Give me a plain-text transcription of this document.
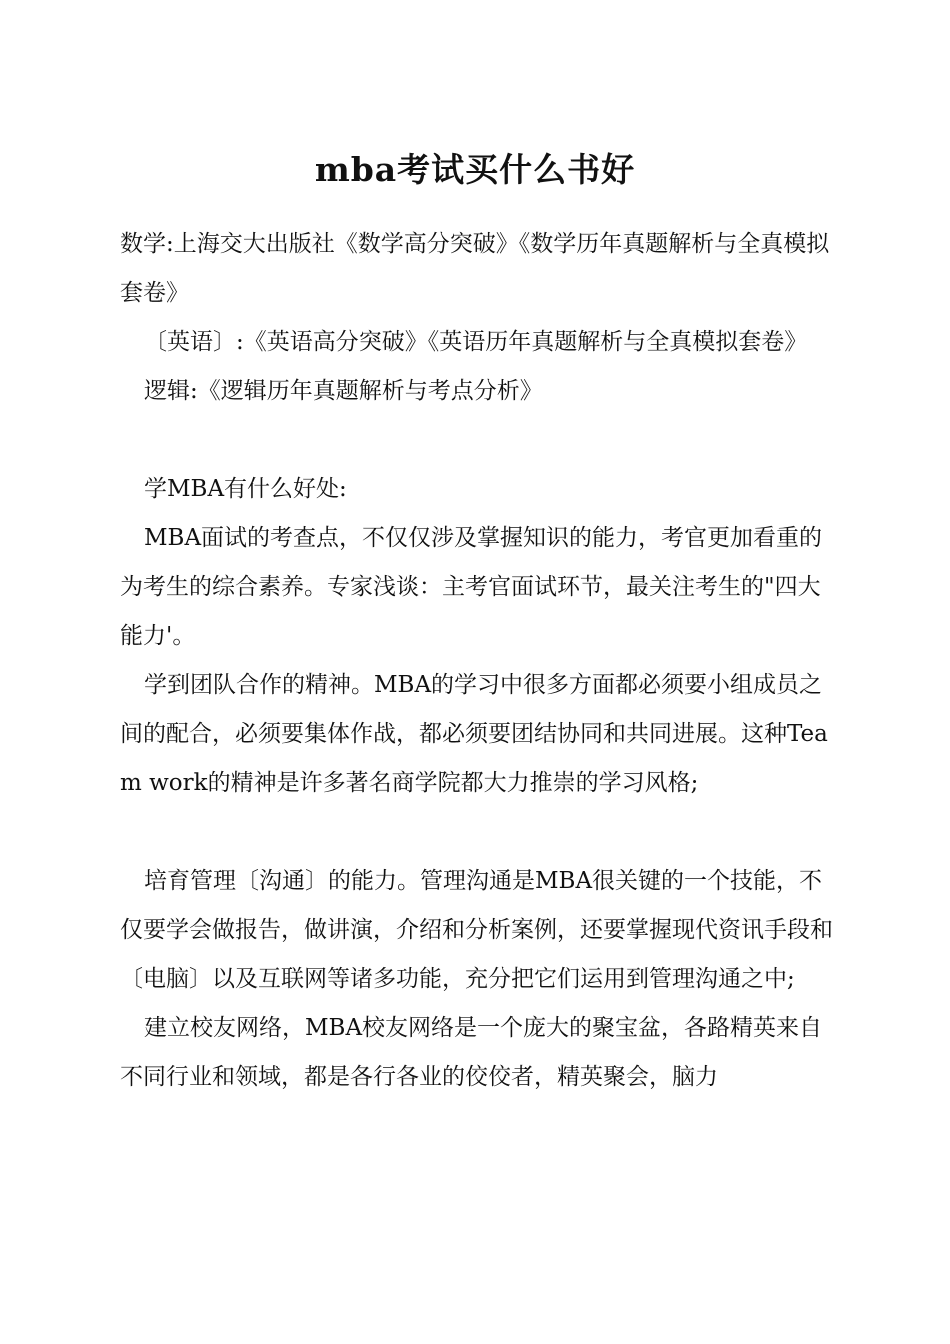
mba考试买什么书好

数学:上海交大出版社《数学高分突破》《数学历年真题解析与全真模拟套卷》

〔英语〕:《英语高分突破》《英语历年真题解析与全真模拟套卷》

逻辑:《逻辑历年真题解析与考点分析》

学MBA有什么好处:

MBA面试的考查点，不仅仅涉及掌握知识的能力，考官更加看重的为考生的综合素养。专家浅谈：主考官面试环节，最关注考生的"四大能力'。

学到团队合作的精神。MBA的学习中很多方面都必须要小组成员之间的配合，必须要集体作战，都必须要团结协同和共同进展。这种Team work的精神是许多著名商学院都大力推崇的学习风格;

培育管理〔沟通〕的能力。管理沟通是MBA很关键的一个技能，不仅要学会做报告，做讲演，介绍和分析案例，还要掌握现代资讯手段和〔电脑〕以及互联网等诸多功能，充分把它们运用到管理沟通之中;

建立校友网络，MBA校友网络是一个庞大的聚宝盆，各路精英来自不同行业和领域，都是各行各业的佼佼者，精英聚会，脑力
